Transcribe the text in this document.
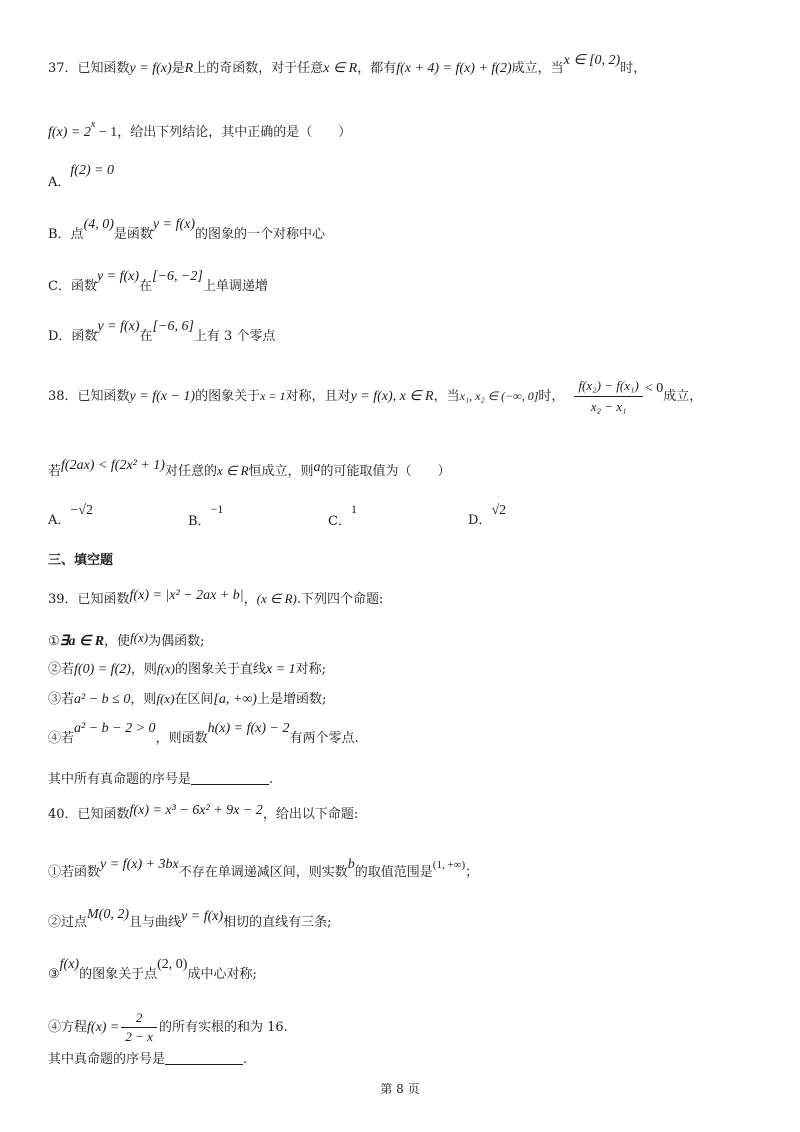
37．已知函数y = f(x)是R上的奇函数，对于任意x ∈ R，都有f(x + 4) = f(x) + f(2)成立，当x ∈ [0, 2)时，
$f(x) = 2^x - 1$，给出下列结论，其中正确的是（　　）
A．f(2) = 0
B．点(4, 0)是函数y = f(x)的图象的一个对称中心
C．函数y = f(x)在[−6, −2]上单调递增
D．函数y = f(x)在[−6, 6]上有 3 个零点
38．已知函数y = f(x − 1)的图象关于x = 1对称，且对y = f(x), x ∈ R，当x₁, x₂ ∈ (−∞, 0]时， $\frac{\text{f(x₂) − f(x₁)}}{\text{x₂ − x₁}} < 0$成立，
若f(2ax) < f(2x² + 1)对任意的x ∈ R恒成立，则a的可能取值为（　　）
A．−√2
B．−1
C．1
D．√2
三、填空题
39．已知函数f(x) = |x² − 2ax + b|，(x ∈ R).下列四个命题:
①∃a ∈ R，使f(x)为偶函数;
②若f(0) = f(2)，则f(x)的图象关于直线x = 1对称;
③若a² − b ≤ 0，则f(x)在区间[a, +∞)上是增函数;
④若a² − b − 2 > 0，则函数h(x) = f(x) − 2有两个零点.
其中所有真命题的序号是	.
40．已知函数f(x) = x³ − 6x² + 9x − 2，给出以下命题:
①若函数y = f(x) + 3bx不存在单调递减区间，则实数b的取值范围是$^{(1, +\infty)}$；
②过点M(0, 2)且与曲线y = f(x)相切的直线有三条;
③f(x)的图象关于点(2, 0)成中心对称;
④方程$f(x) = \frac{2}{2 - x}$ 的所有实根的和为 16.
其中真命题的序号是	.
第 8 页
